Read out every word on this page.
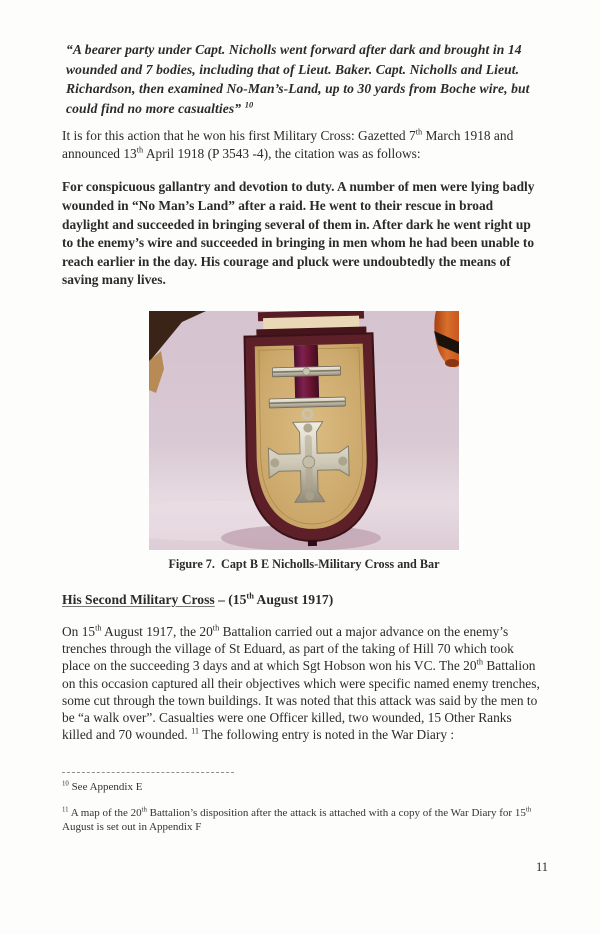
“A bearer party under Capt. Nicholls went forward after dark and brought in 14 wounded and 7 bodies, including that of Lieut. Baker. Capt. Nicholls and Lieut. Richardson, then examined No-Man’s-Land, up to 30 yards from Boche wire, but could find no more casualties” $^{10}$

It is for this action that he won his first Military Cross: Gazetted 7th March 1918 and announced 13th April 1918 (P 3543 -4), the citation was as follows:

For conspicuous gallantry and devotion to duty. A number of men were lying badly wounded in “No Man’s Land” after a raid. He went to their rescue in broad daylight and succeeded in bringing several of them in. After dark he went right up to the enemy’s wire and succeeded in bringing in men whom he had been unable to reach earlier in the day. His courage and pluck were undoubtedly the means of saving many lives.

Figure 7.  Capt B E Nicholls-Military Cross and Bar
His Second Military Cross – (15th August 1917)

On 15th August 1917, the 20th Battalion carried out a major advance on the enemy’s trenches through the village of St Eduard, as part of the taking of Hill 70 which took place on the succeeding 3 days and at which Sgt Hobson won his VC. The 20th Battalion on this occasion captured all their objectives which were specific named enemy trenches, some cut through the town buildings. It was noted that this attack was said by the men to be “a walk over”. Casualties were one Officer killed, two wounded, 15 Other Ranks killed and 70 wounded. $^{11}$ The following entry is noted in the War Diary :

$^{10}$ See Appendix E
$^{11}$ A map of the 20th Battalion’s disposition after the attack is attached with a copy of the War Diary for 15th August is set out in Appendix F
11
